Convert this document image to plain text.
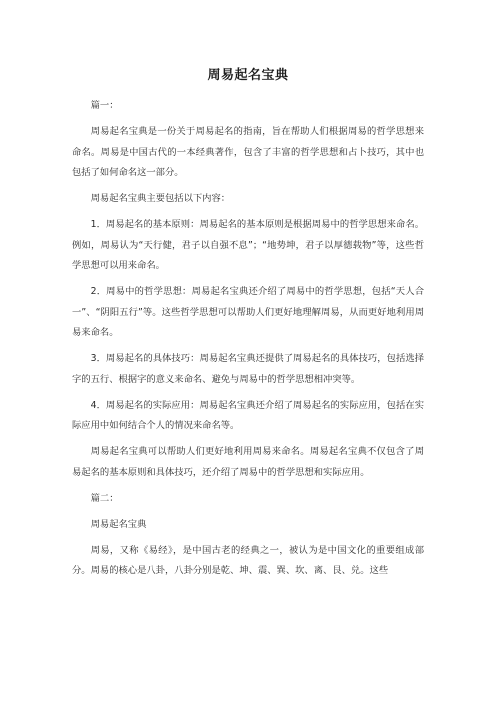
周易起名宝典

篇一：

周易起名宝典是一份关于周易起名的指南，旨在帮助人们根据周易的哲学思想来命名。周易是中国古代的一本经典著作，包含了丰富的哲学思想和占卜技巧，其中也包括了如何命名这一部分。

周易起名宝典主要包括以下内容：

1．周易起名的基本原则：周易起名的基本原则是根据周易中的哲学思想来命名。例如，周易认为“天行健，君子以自强不息”；“地势坤，君子以厚德载物”等，这些哲学思想可以用来命名。

2．周易中的哲学思想：周易起名宝典还介绍了周易中的哲学思想，包括“天人合一”、“阴阳五行”等。这些哲学思想可以帮助人们更好地理解周易，从而更好地利用周易来命名。

3．周易起名的具体技巧：周易起名宝典还提供了周易起名的具体技巧，包括选择字的五行、根据字的意义来命名、避免与周易中的哲学思想相冲突等。

4．周易起名的实际应用：周易起名宝典还介绍了周易起名的实际应用，包括在实际应用中如何结合个人的情况来命名等。

周易起名宝典可以帮助人们更好地利用周易来命名。周易起名宝典不仅包含了周易起名的基本原则和具体技巧，还介绍了周易中的哲学思想和实际应用。

篇二：

周易起名宝典

周易，又称《易经》，是中国古老的经典之一，被认为是中国文化的重要组成部分。周易的核心是八卦，八卦分别是乾、坤、震、巽、坎、离、艮、兑。这些
